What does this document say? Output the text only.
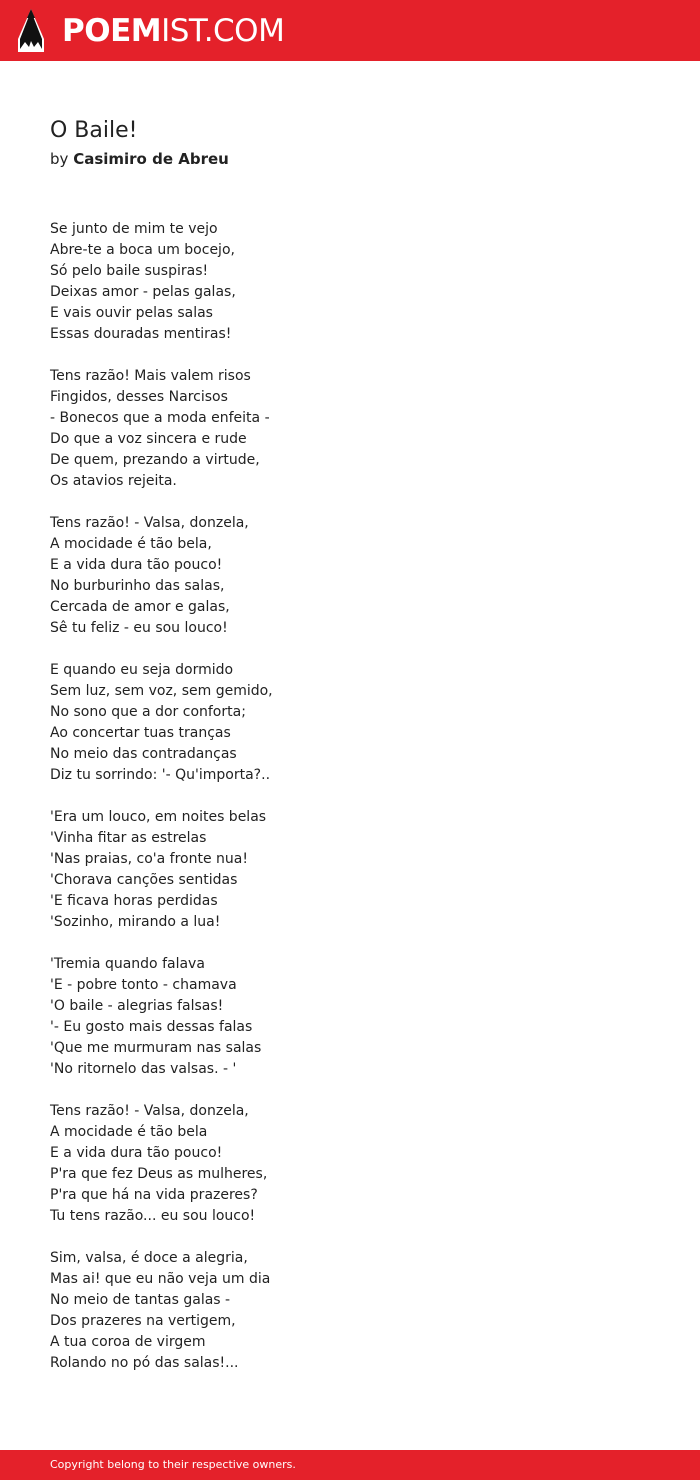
POEMIST.COM
O Baile!
by Casimiro de Abreu
Se junto de mim te vejo
Abre-te a boca um bocejo,
Só pelo baile suspiras!
Deixas amor - pelas galas,
E vais ouvir pelas salas
Essas douradas mentiras!
Tens razão! Mais valem risos
Fingidos, desses Narcisos
- Bonecos que a moda enfeita -
Do que a voz sincera e rude
De quem, prezando a virtude,
Os atavios rejeita.
Tens razão! - Valsa, donzela,
A mocidade é tão bela,
E a vida dura tão pouco!
No burburinho das salas,
Cercada de amor e galas,
Sê tu feliz - eu sou louco!
E quando eu seja dormido
Sem luz, sem voz, sem gemido,
No sono que a dor conforta;
Ao concertar tuas tranças
No meio das contradanças
Diz tu sorrindo: '- Qu'importa?..
'Era um louco, em noites belas
'Vinha fitar as estrelas
'Nas praias, co'a fronte nua!
'Chorava canções sentidas
'E ficava horas perdidas
'Sozinho, mirando a lua!
'Tremia quando falava
'E - pobre tonto - chamava
'O baile - alegrias falsas!
'- Eu gosto mais dessas falas
'Que me murmuram nas salas
'No ritornelo das valsas. - '
Tens razão! - Valsa, donzela,
A mocidade é tão bela
E a vida dura tão pouco!
P'ra que fez Deus as mulheres,
P'ra que há na vida prazeres?
Tu tens razão... eu sou louco!
Sim, valsa, é doce a alegria,
Mas ai! que eu não veja um dia
No meio de tantas galas -
Dos prazeres na vertigem,
A tua coroa de virgem
Rolando no pó das salas!...
Copyright belong to their respective owners.
